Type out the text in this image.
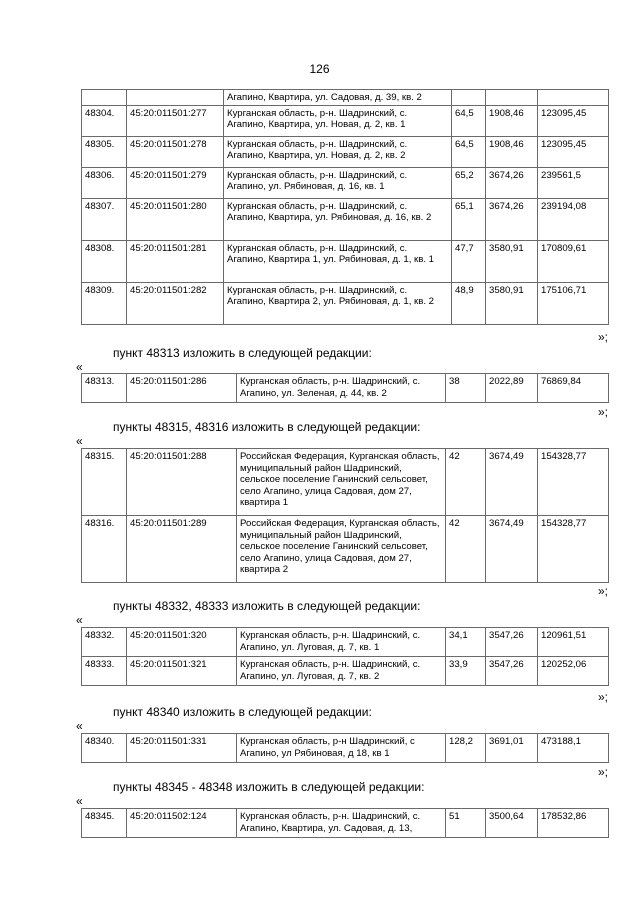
126
		Агапино, Квартира, ул. Садовая, д. 39, кв. 2			
48304.	45:20:011501:277	Курганская область, р-н. Шадринский, с. Агапино, Квартира, ул. Новая, д. 2, кв. 1	64,5	1908,46	123095,45
48305.	45:20:011501:278	Курганская область, р-н. Шадринский, с. Агапино, Квартира, ул. Новая, д. 2, кв. 2	64,5	1908,46	123095,45
48306.	45:20:011501:279	Курганская область, р-н. Шадринский, с. Агапино, ул. Рябиновая, д. 16, кв. 1	65,2	3674,26	239561,5
48307.	45:20:011501:280	Курганская область, р-н. Шадринский, с. Агапино, Квартира, ул. Рябиновая, д. 16, кв. 2	65,1	3674,26	239194,08
48308.	45:20:011501:281	Курганская область, р-н. Шадринский, с. Агапино, Квартира 1, ул. Рябиновая, д. 1, кв. 1	47,7	3580,91	170809,61
48309.	45:20:011501:282	Курганская область, р-н. Шадринский, с. Агапино, Квартира 2, ул. Рябиновая, д. 1, кв. 2	48,9	3580,91	175106,71
»;
пункт 48313 изложить в следующей редакции:
«
48313.	45:20:011501:286	Курганская область, р-н. Шадринский, с. Агапино, ул. Зеленая, д. 44, кв. 2	38	2022,89	76869,84
»;
пункты 48315, 48316 изложить в следующей редакции:
«
48315.	45:20:011501:288	Российская Федерация, Курганская область, муниципальный район Шадринский, сельское поселение Ганинский сельсовет, село Агапино, улица Садовая, дом 27, квартира 1	42	3674,49	154328,77
48316.	45:20:011501:289	Российская Федерация, Курганская область, муниципальный район Шадринский, сельское поселение Ганинский сельсовет, село Агапино, улица Садовая, дом 27, квартира 2	42	3674,49	154328,77
»;
пункты 48332, 48333 изложить в следующей редакции:
«
48332.	45:20:011501:320	Курганская область, р-н. Шадринский, с. Агапино, ул. Луговая, д. 7, кв. 1	34,1	3547,26	120961,51
48333.	45:20:011501:321	Курганская область, р-н. Шадринский, с. Агапино, ул. Луговая, д. 7, кв. 2	33,9	3547,26	120252,06
»;
пункт 48340 изложить в следующей редакции:
«
48340.	45:20:011501:331	Курганская область, р-н Шадринский, с Агапино, ул Рябиновая, д 18, кв 1	128,2	3691,01	473188,1
»;
пункты 48345 - 48348 изложить в следующей редакции:
«
48345.	45:20:011502:124	Курганская область, р-н. Шадринский, с. Агапино, Квартира, ул. Садовая, д. 13,	51	3500,64	178532,86
